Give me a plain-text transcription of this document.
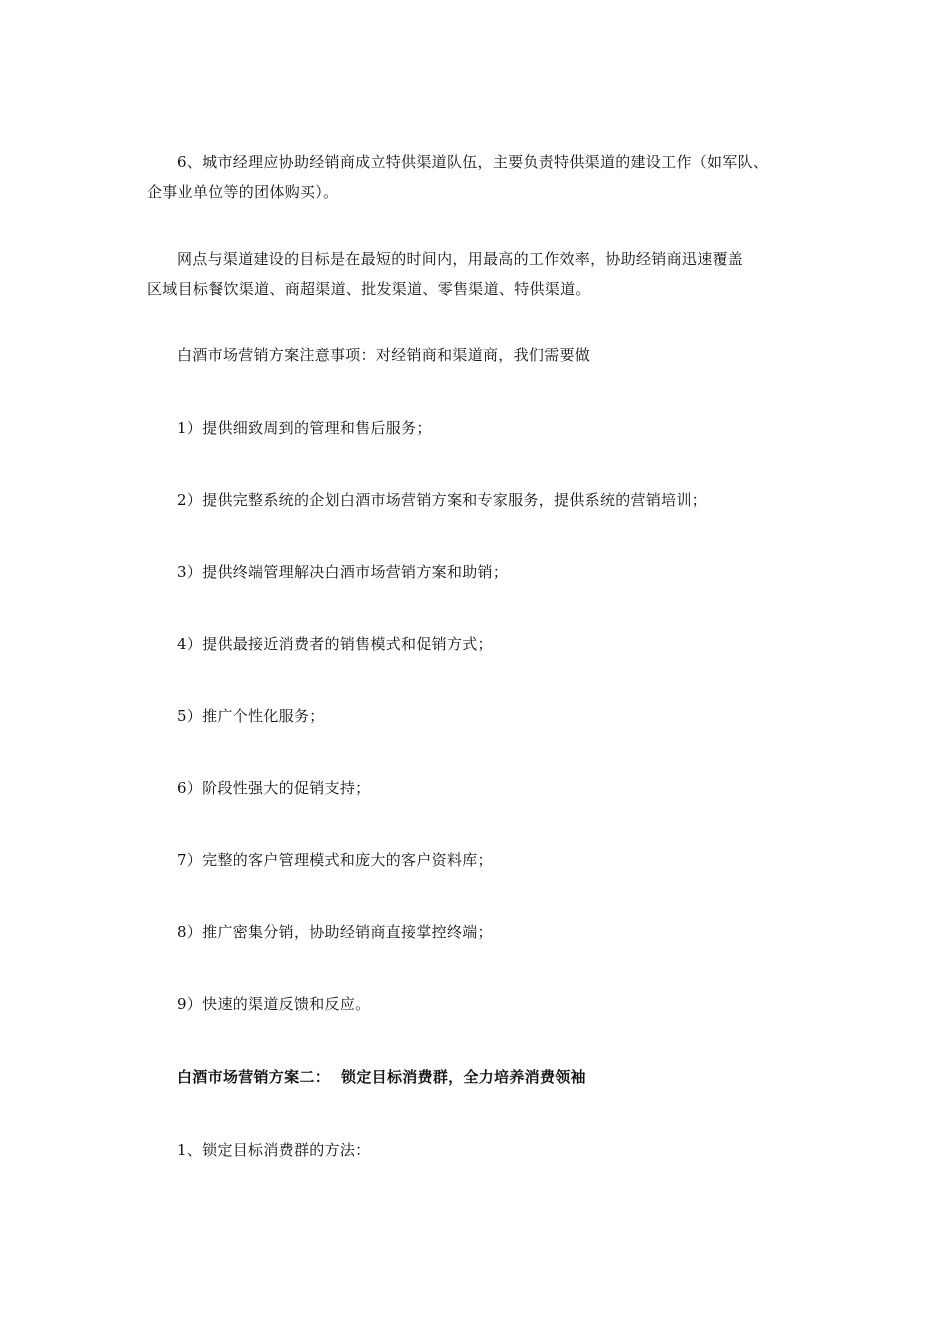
6、城市经理应协助经销商成立特供渠道队伍，主要负责特供渠道的建设工作（如军队、
企事业单位等的团体购买）。
网点与渠道建设的目标是在最短的时间内，用最高的工作效率，协助经销商迅速覆盖
区域目标餐饮渠道、商超渠道、批发渠道、零售渠道、特供渠道。
白酒市场营销方案注意事项：对经销商和渠道商，我们需要做
1）提供细致周到的管理和售后服务；
2）提供完整系统的企划白酒市场营销方案和专家服务，提供系统的营销培训；
3）提供终端管理解决白酒市场营销方案和助销；
4）提供最接近消费者的销售模式和促销方式；
5）推广个性化服务；
6）阶段性强大的促销支持；
7）完整的客户管理模式和庞大的客户资料库；
8）推广密集分销，协助经销商直接掌控终端；
9）快速的渠道反馈和反应。
白酒市场营销方案二：  锁定目标消费群，全力培养消费领袖
1、锁定目标消费群的方法：
